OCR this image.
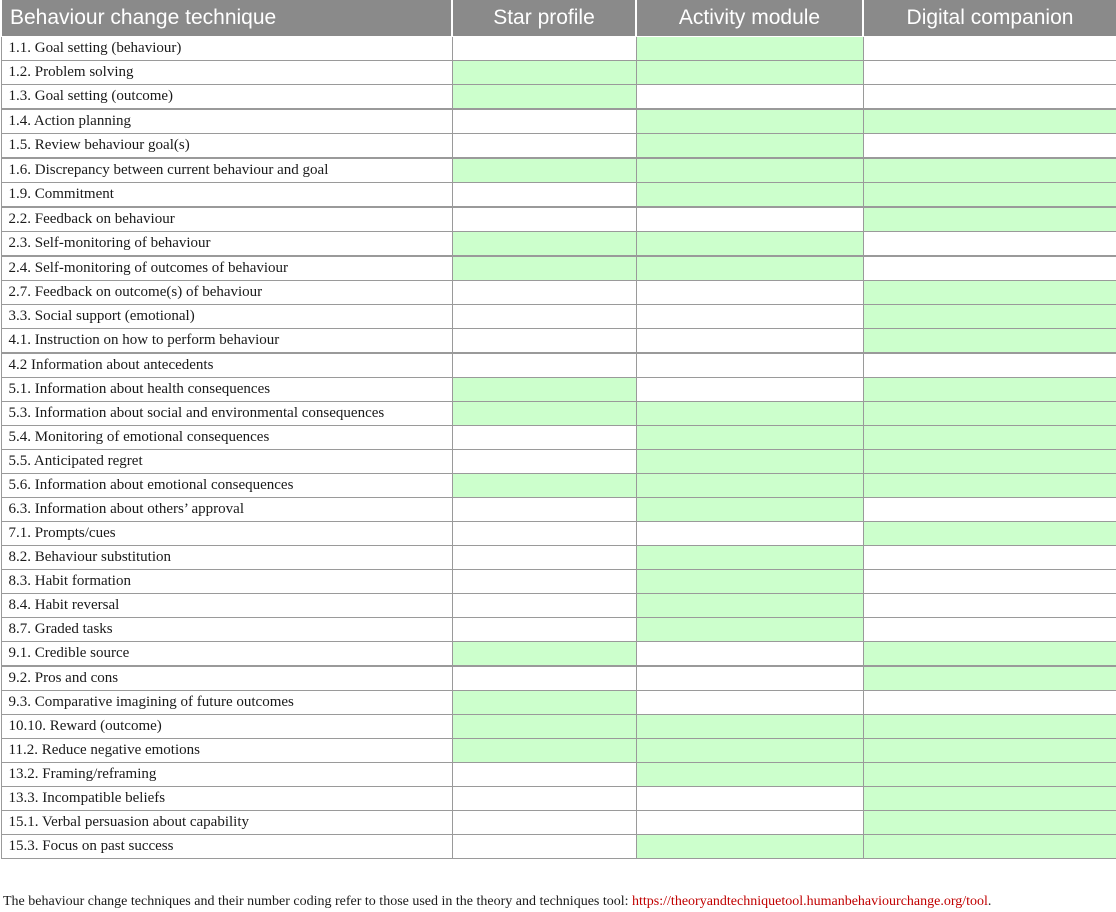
Behaviour change technique	Star profile	Activity module	Digital companion
1.1. Goal setting (behaviour)			
1.2. Problem solving			
1.3. Goal setting (outcome)			
1.4. Action planning			
1.5. Review behaviour goal(s)			
1.6. Discrepancy between current behaviour and goal			
1.9. Commitment			
2.2. Feedback on behaviour			
2.3. Self-monitoring of behaviour			
2.4. Self-monitoring of outcomes of behaviour			
2.7. Feedback on outcome(s) of behaviour			
3.3. Social support (emotional)			
4.1. Instruction on how to perform behaviour			
4.2 Information about antecedents			
5.1. Information about health consequences			
5.3. Information about social and environmental consequences			
5.4. Monitoring of emotional consequences			
5.5. Anticipated regret			
5.6. Information about emotional consequences			
6.3. Information about others’ approval			
7.1. Prompts/cues			
8.2. Behaviour substitution			
8.3. Habit formation			
8.4. Habit reversal			
8.7. Graded tasks			
9.1. Credible source			
9.2. Pros and cons			
9.3. Comparative imagining of future outcomes			
10.10. Reward (outcome)			
11.2. Reduce negative emotions			
13.2. Framing/reframing			
13.3. Incompatible beliefs			
15.1. Verbal persuasion about capability			
15.3. Focus on past success			
The behaviour change techniques and their number coding refer to those used in the theory and techniques tool: https://theoryandtechniquetool.humanbehaviourchange.org/tool.
